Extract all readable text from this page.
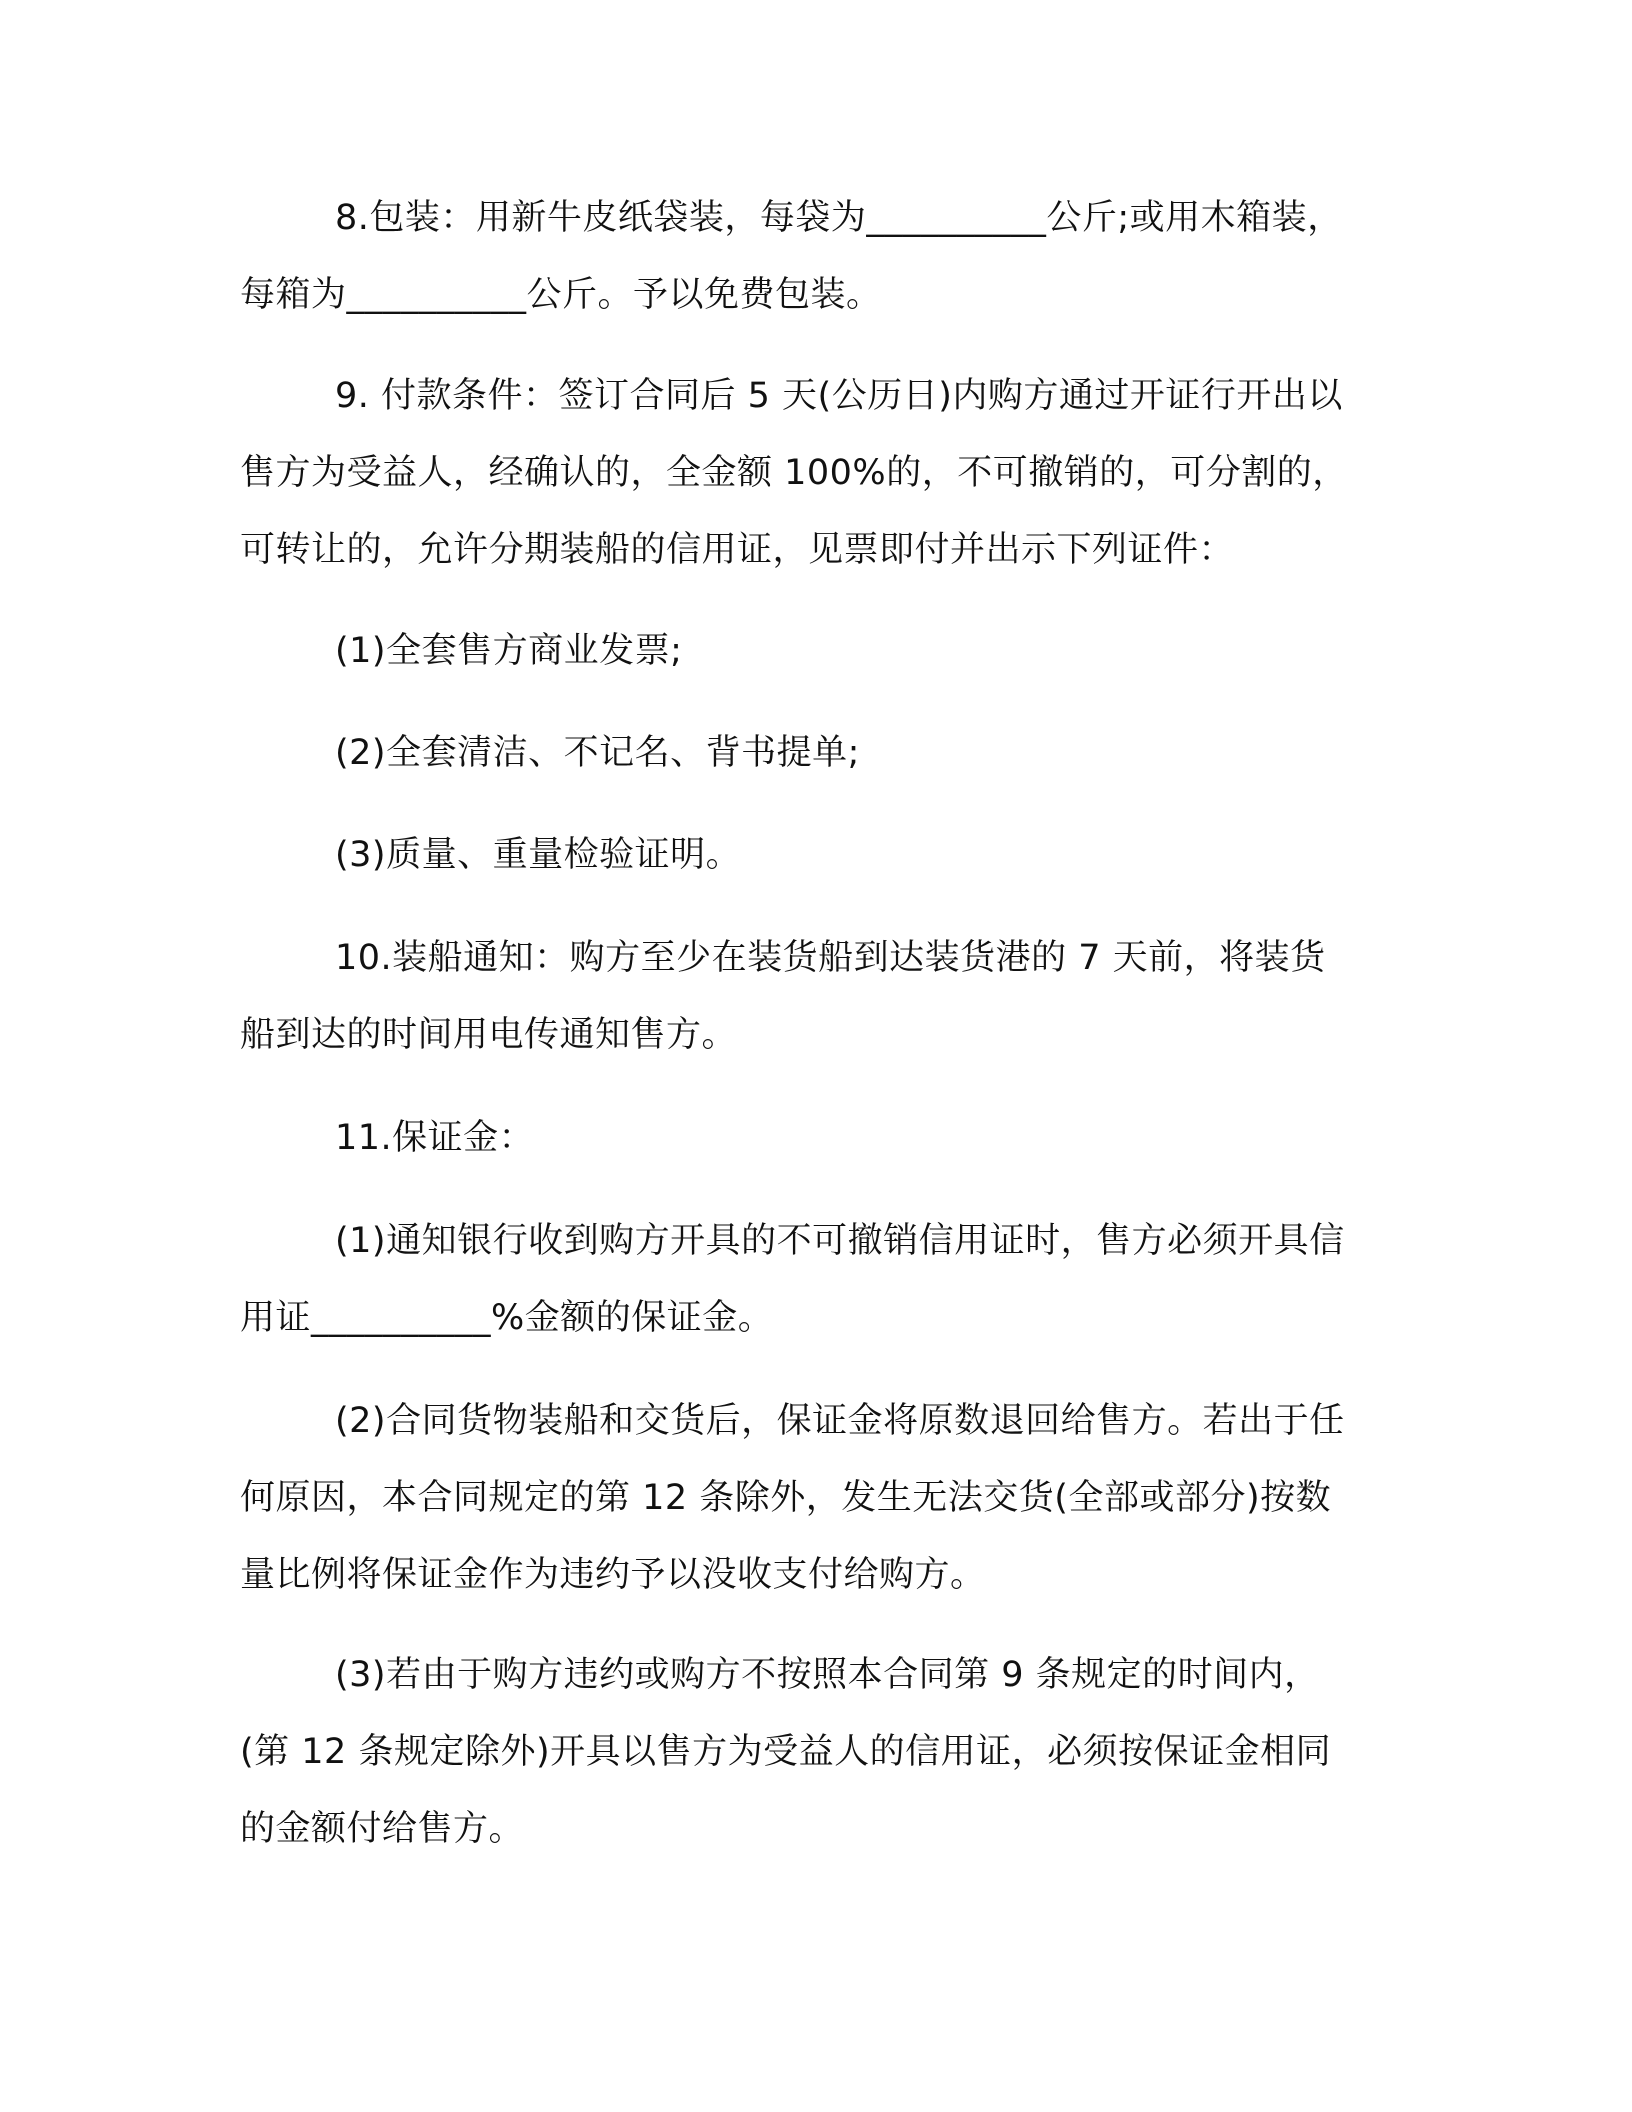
8.包装：用新牛皮纸袋装，每袋为__________公斤;或用木箱装，
每箱为__________公斤。予以免费包装。
9. 付款条件：签订合同后 5 天(公历日)内购方通过开证行开出以
售方为受益人，经确认的，全金额 100%的，不可撤销的，可分割的，
可转让的，允许分期装船的信用证，见票即付并出示下列证件：
(1)全套售方商业发票;
(2)全套清洁、不记名、背书提单;
(3)质量、重量检验证明。
10.装船通知：购方至少在装货船到达装货港的 7 天前，将装货
船到达的时间用电传通知售方。
11.保证金：
(1)通知银行收到购方开具的不可撤销信用证时，售方必须开具信
用证__________%金额的保证金。
(2)合同货物装船和交货后，保证金将原数退回给售方。若出于任
何原因，本合同规定的第 12 条除外，发生无法交货(全部或部分)按数
量比例将保证金作为违约予以没收支付给购方。
(3)若由于购方违约或购方不按照本合同第 9 条规定的时间内，
(第 12 条规定除外)开具以售方为受益人的信用证，必须按保证金相同
的金额付给售方。
